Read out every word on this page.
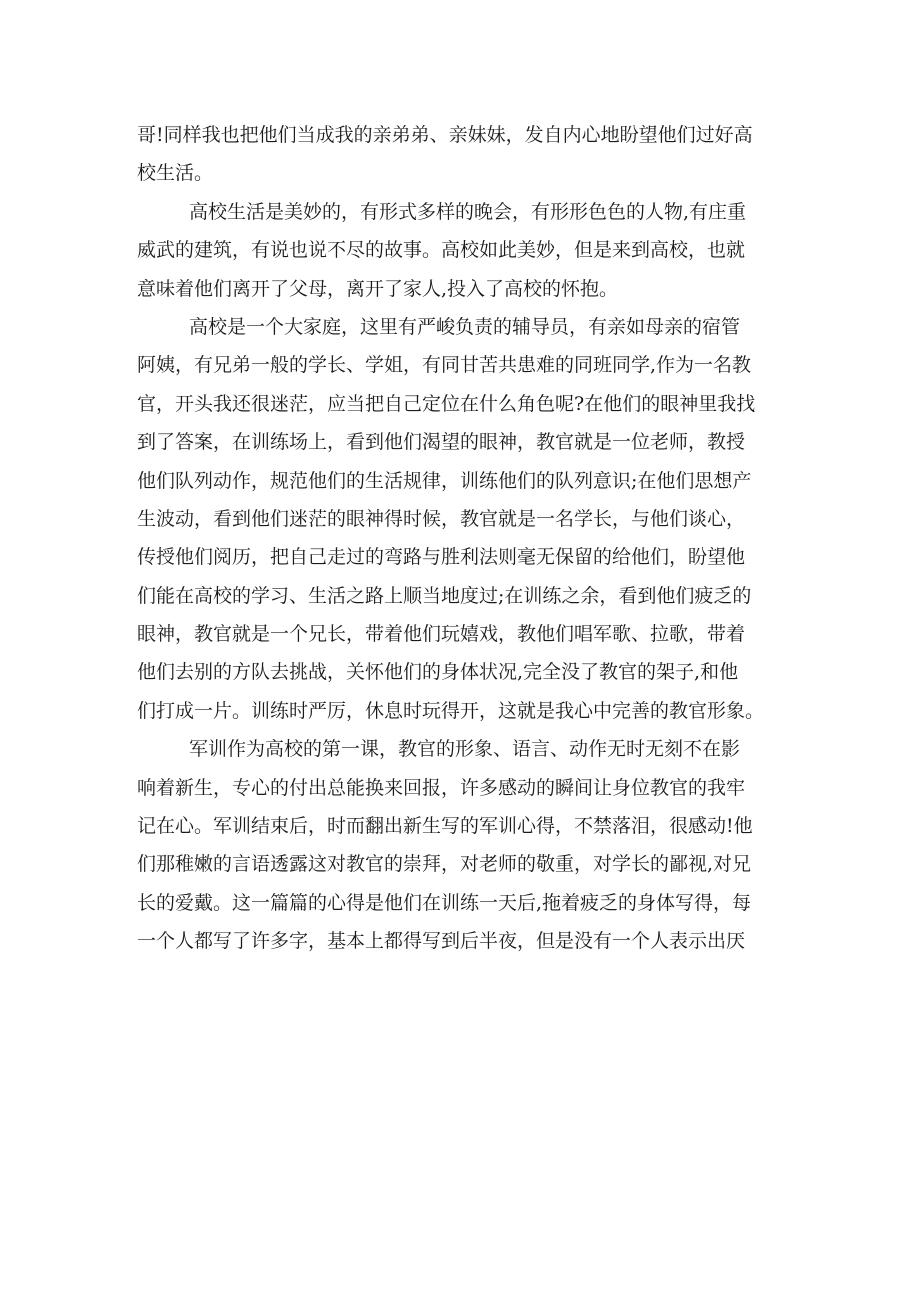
哥!同样我也把他们当成我的亲弟弟、亲妹妹，发自内心地盼望他们过好高
校生活。
高校生活是美妙的，有形式多样的晚会，有形形色色的人物,有庄重
威武的建筑，有说也说不尽的故事。高校如此美妙，但是来到高校，也就
意味着他们离开了父母，离开了家人,投入了高校的怀抱。
高校是一个大家庭，这里有严峻负责的辅导员，有亲如母亲的宿管
阿姨，有兄弟一般的学长、学姐，有同甘苦共患难的同班同学,作为一名教
官，开头我还很迷茫，应当把自己定位在什么角色呢?在他们的眼神里我找
到了答案，在训练场上，看到他们渴望的眼神，教官就是一位老师，教授
他们队列动作，规范他们的生活规律，训练他们的队列意识;在他们思想产
生波动，看到他们迷茫的眼神得时候，教官就是一名学长，与他们谈心，
传授他们阅历，把自己走过的弯路与胜利法则毫无保留的给他们，盼望他
们能在高校的学习、生活之路上顺当地度过;在训练之余，看到他们疲乏的
眼神，教官就是一个兄长，带着他们玩嬉戏，教他们唱军歌、拉歌，带着
他们去别的方队去挑战，关怀他们的身体状况,完全没了教官的架子,和他
们打成一片。训练时严厉，休息时玩得开，这就是我心中完善的教官形象。
军训作为高校的第一课，教官的形象、语言、动作无时无刻不在影
响着新生，专心的付出总能换来回报，许多感动的瞬间让身位教官的我牢
记在心。军训结束后，时而翻出新生写的军训心得，不禁落泪，很感动!他
们那稚嫩的言语透露这对教官的崇拜，对老师的敬重，对学长的鄙视,对兄
长的爱戴。这一篇篇的心得是他们在训练一天后,拖着疲乏的身体写得，每
一个人都写了许多字，基本上都得写到后半夜，但是没有一个人表示出厌
